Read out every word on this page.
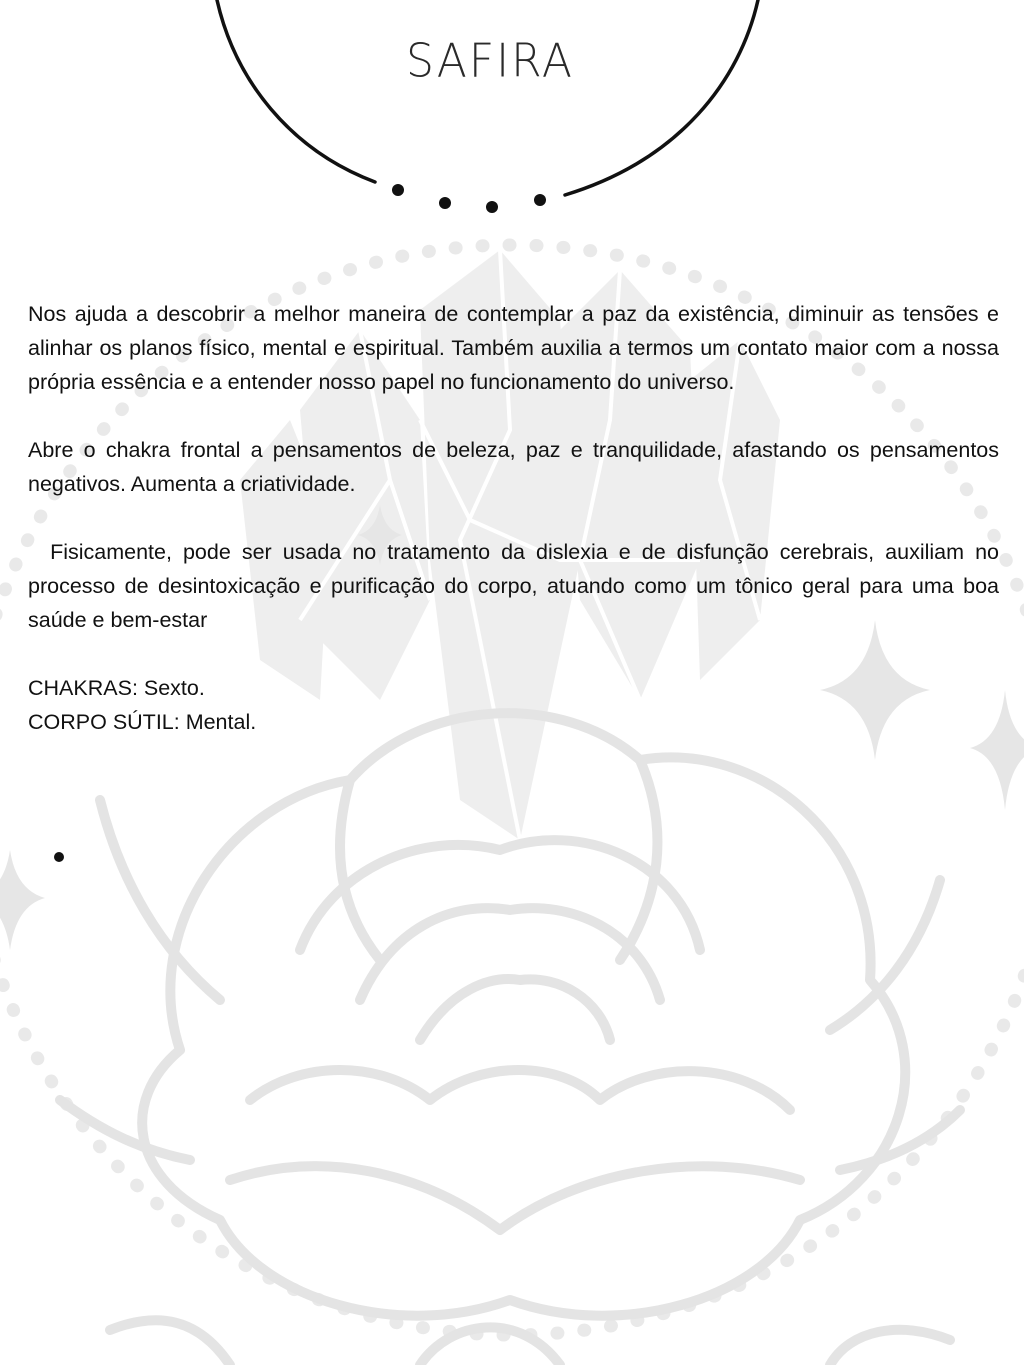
SAFIRA

Nos ajuda a descobrir a melhor maneira de contemplar a paz da existência, diminuir as tensões e alinhar os planos físico, mental e espiritual. Também auxilia a termos um contato maior com a nossa própria essência e a entender nosso papel no funcionamento do universo.

Abre o chakra frontal a pensamentos de beleza, paz e tranquilidade, afastando os pensamentos negativos. Aumenta a criatividade.

Fisicamente, pode ser usada no tratamento da dislexia e de disfunção cerebrais, auxiliam no processo de desintoxicação e purificação do corpo, atuando como um tônico geral para uma boa saúde e bem-estar

CHAKRAS: Sexto.

CORPO SÚTIL: Mental.
